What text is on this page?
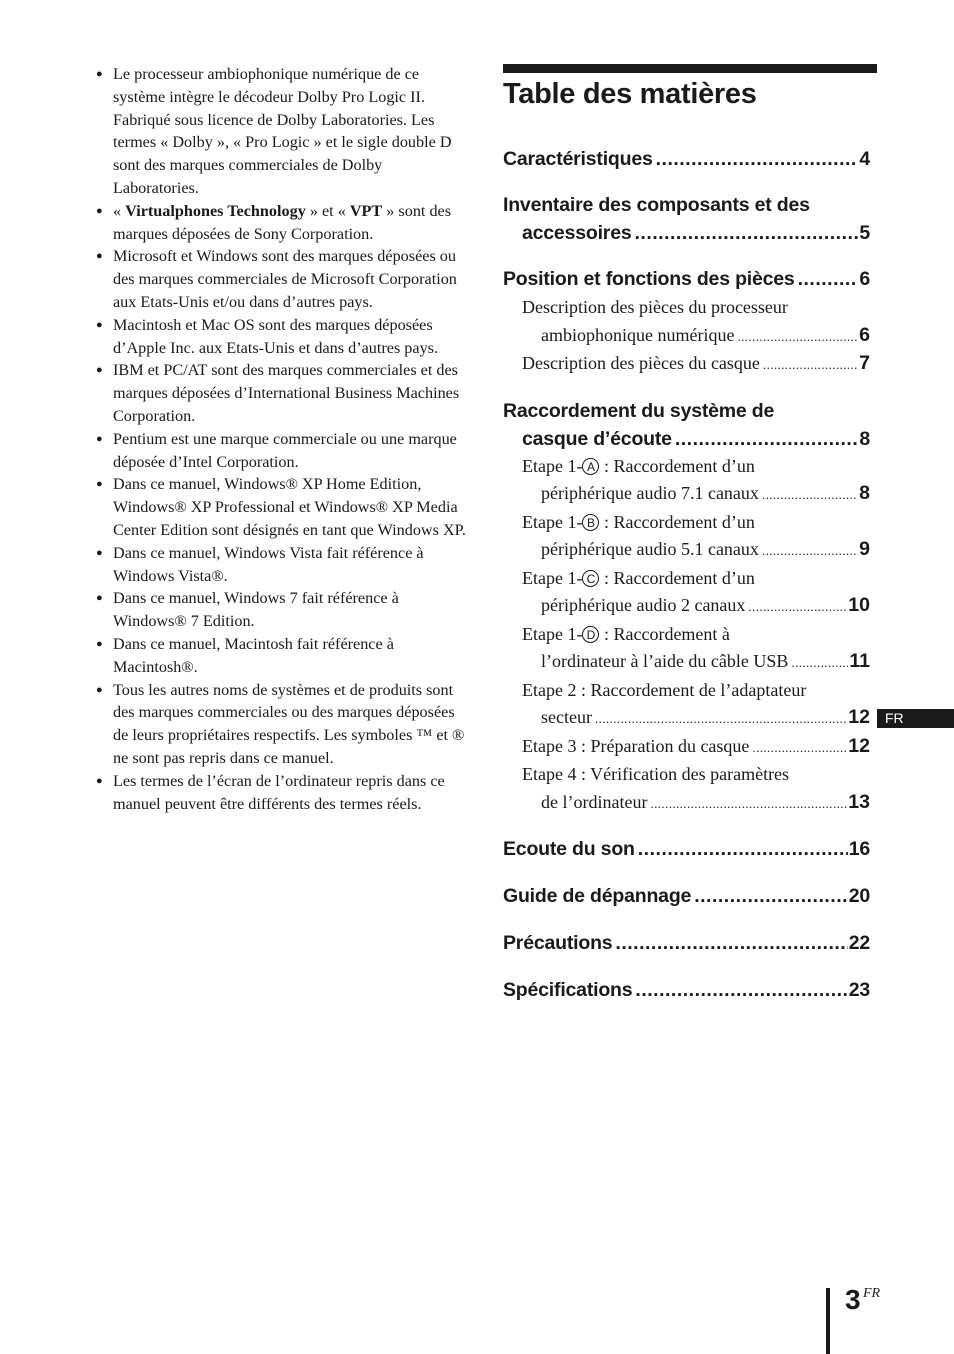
● Le processeur ambiophonique numérique de ce système intègre le décodeur Dolby Pro Logic II. Fabriqué sous licence de Dolby Laboratories. Les termes « Dolby », « Pro Logic » et le sigle double D sont des marques commerciales de Dolby Laboratories.
● « Virtualphones Technology » et « VPT » sont des marques déposées de Sony Corporation.
● Microsoft et Windows sont des marques déposées ou des marques commerciales de Microsoft Corporation aux Etats-Unis et/ou dans d’autres pays.
● Macintosh et Mac OS sont des marques déposées d’Apple Inc. aux Etats-Unis et dans d’autres pays.
● IBM et PC/AT sont des marques commerciales et des marques déposées d’International Business Machines Corporation.
● Pentium est une marque commerciale ou une marque déposée d’Intel Corporation.
● Dans ce manuel, Windows® XP Home Edition, Windows® XP Professional et Windows® XP Media Center Edition sont désignés en tant que Windows XP.
● Dans ce manuel, Windows Vista fait référence à Windows Vista®.
● Dans ce manuel, Windows 7 fait référence à Windows® 7 Edition.
● Dans ce manuel, Macintosh fait référence à Macintosh®.
● Tous les autres noms de systèmes et de produits sont des marques commerciales ou des marques déposées de leurs propriétaires respectifs. Les symboles ™ et ® ne sont pas repris dans ce manuel.
● Les termes de l’écran de l’ordinateur repris dans ce manuel peuvent être différents des termes réels.
Table des matières
Caractéristiques .....	4
Inventaire des composants et des
accessoires .....	5
Position et fonctions des pièces .....	6
Description des pièces du processeur
ambiophonique numérique .....	6
Description des pièces du casque .....	7
Raccordement du système de
casque d’écoute .....	8
Etape 1- A : Raccordement d’un
périphérique audio 7.1 canaux .....	8
Etape 1- B : Raccordement d’un
périphérique audio 5.1 canaux .....	9
Etape 1- C : Raccordement d’un
périphérique audio 2 canaux .....	10
Etape 1- D : Raccordement à
l’ordinateur à l’aide du câble USB .....	11
Etape 2 : Raccordement de l’adaptateur
secteur .....	12
Etape 3 : Préparation du casque .....	12
Etape 4 : Vérification des paramètres
de l’ordinateur .....	13
Ecoute du son .....	16
Guide de dépannage .....	20
Précautions .....	22
Spécifications .....	23
FR
3 FR
